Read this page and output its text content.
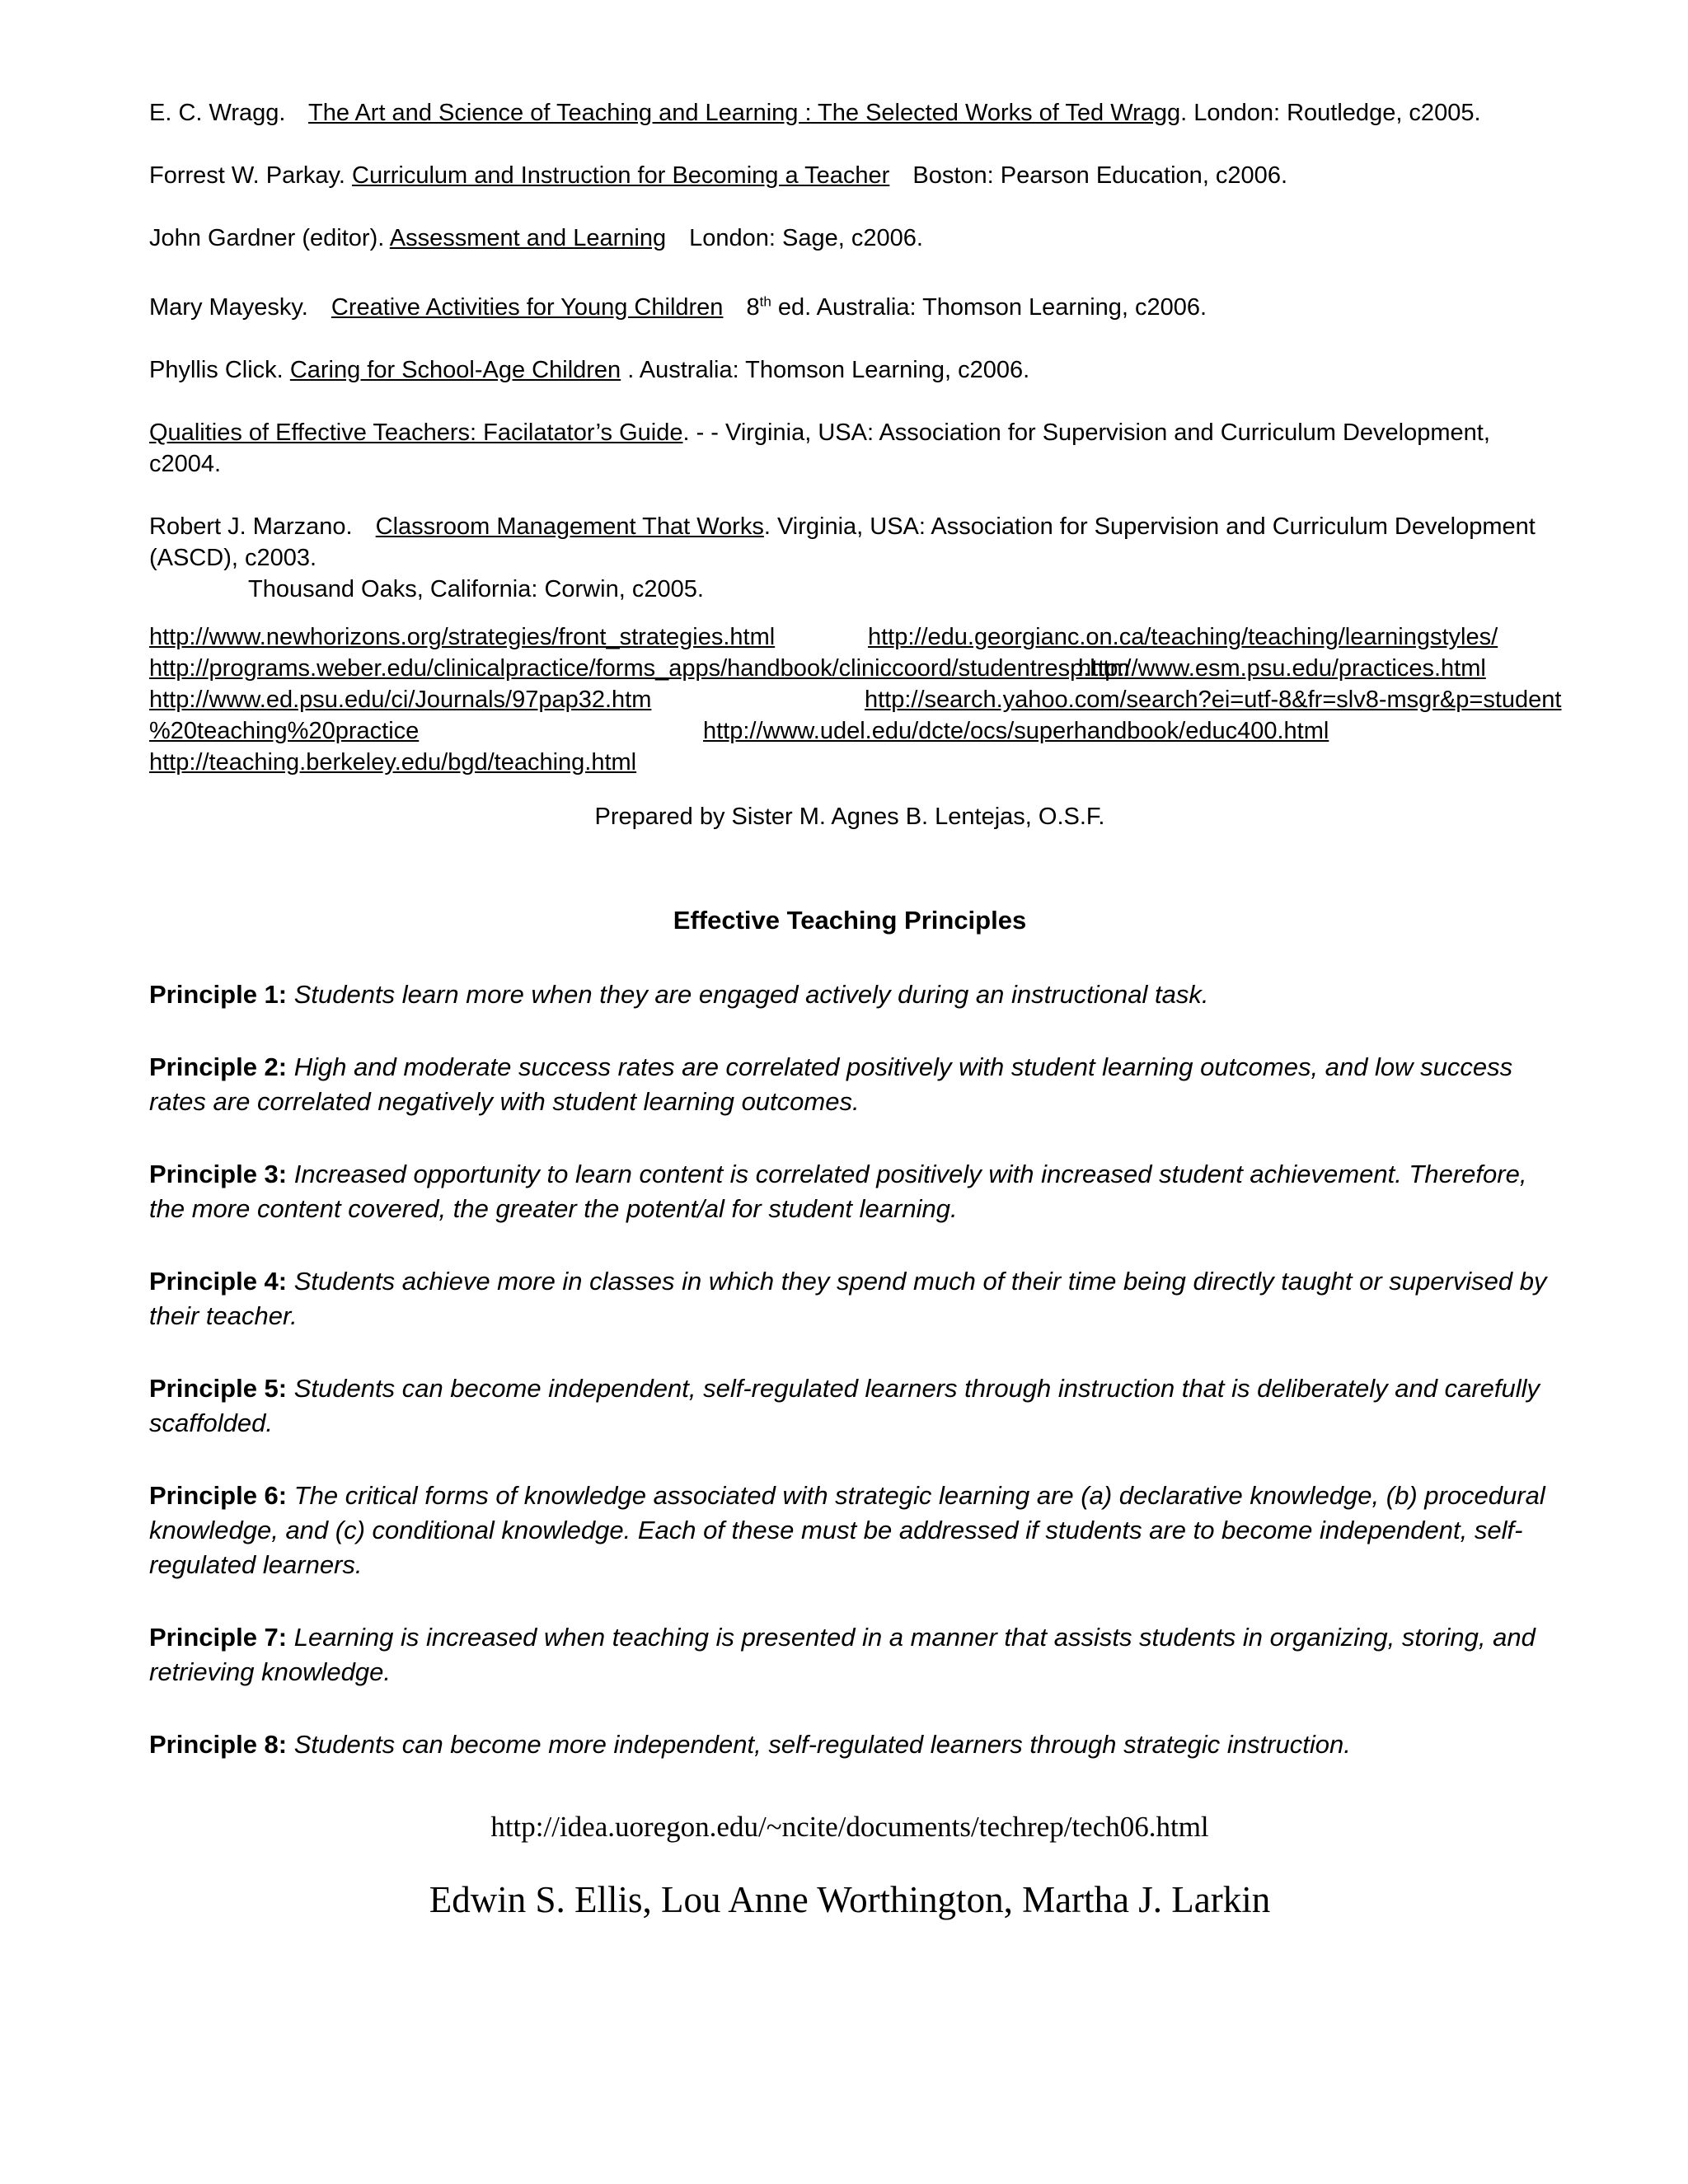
E. C. Wragg. The Art and Science of Teaching and Learning : The Selected Works of Ted Wragg. London: Routledge, c2005.

Forrest W. Parkay. Curriculum and Instruction for Becoming a Teacher Boston: Pearson Education, c2006.

John Gardner (editor). Assessment and Learning London: Sage, c2006.

Mary Mayesky. Creative Activities for Young Children 8th ed. Australia: Thomson Learning, c2006.

Phyllis Click. Caring for School-Age Children . Australia: Thomson Learning, c2006.

Qualities of Effective Teachers: Facilatator’s Guide. - - Virginia, USA: Association for Supervision and Curriculum Development, c2004.

Robert J. Marzano. Classroom Management That Works. Virginia, USA: Association for Supervision and Curriculum Development (ASCD), c2003.
Thousand Oaks, California: Corwin, c2005.

http://www.newhorizons.org/strategies/front_strategies.html	http://edu.georgianc.on.ca/teaching/teaching/learningstyles/
http://programs.weber.edu/clinicalpractice/forms_apps/handbook/cliniccoord/studentresp.htm
http://www.esm.psu.edu/practices.html
http://www.ed.psu.edu/ci/Journals/97pap32.htm	http://search.yahoo.com/search?ei=utf-8&fr=slv8-msgr&p=student
%20teaching%20practice	http://www.udel.edu/dcte/ocs/superhandbook/educ400.html
http://teaching.berkeley.edu/bgd/teaching.html
Prepared by Sister M. Agnes B. Lentejas, O.S.F.
Effective Teaching Principles

Principle 1: Students learn more when they are engaged actively during an instructional task.

Principle 2: High and moderate success rates are correlated positively with student learning outcomes, and low success rates are correlated negatively with student learning outcomes.

Principle 3: Increased opportunity to learn content is correlated positively with increased student achievement. Therefore, the more content covered, the greater the potent/al for student learning.

Principle 4: Students achieve more in classes in which they spend much of their time being directly taught or supervised by their teacher.

Principle 5: Students can become independent, self-regulated learners through instruction that is deliberately and carefully scaffolded.

Principle 6: The critical forms of knowledge associated with strategic learning are (a) declarative knowledge, (b) procedural knowledge, and (c) conditional knowledge. Each of these must be addressed if students are to become independent, self-regulated learners.

Principle 7: Learning is increased when teaching is presented in a manner that assists students in organizing, storing, and retrieving knowledge.

Principle 8: Students can become more independent, self-regulated learners through strategic instruction.

http://idea.uoregon.edu/~ncite/documents/techrep/tech06.html
Edwin S. Ellis, Lou Anne Worthington, Martha J. Larkin
